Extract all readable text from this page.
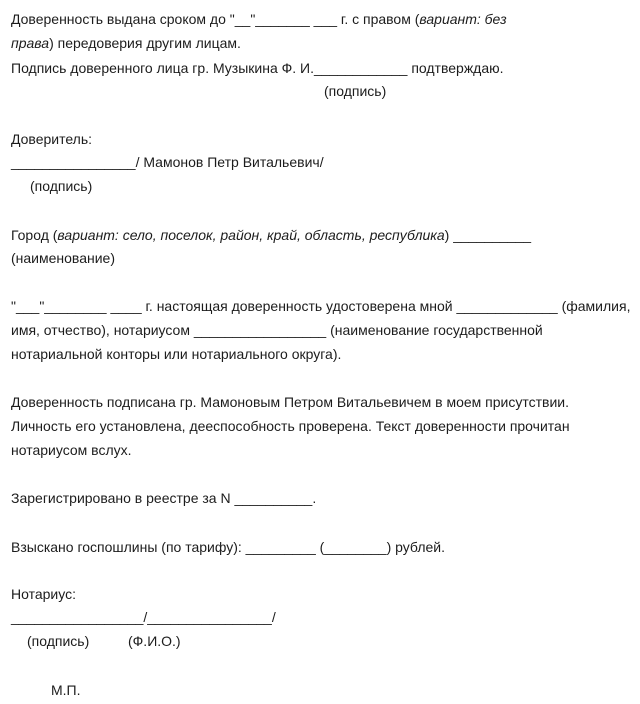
Доверенность выдана сроком до "__"_______ ___ г. с правом (вариант: без
права) передоверия другим лицам.
Подпись доверенного лица гр. Музыкина Ф. И.____________ подтверждаю.
(подпись)
Доверитель:
________________/ Мамонов Петр Витальевич/
(подпись)
Город (вариант: село, поселок, район, край, область, республика) __________
(наименование)
"___"________ ____ г. настоящая доверенность удостоверена мной _____________ (фамилия,
имя, отчество), нотариусом _________________ (наименование государственной
нотариальной конторы или нотариального округа).
Доверенность подписана гр. Мамоновым Петром Витальевичем в моем присутствии.
Личность его установлена, дееспособность проверена. Текст доверенности прочитан
нотариусом вслух.
Зарегистрировано в реестре за N __________.
Взыскано госпошлины (по тарифу): _________ (________) рублей.
Нотариус:
_________________/________________/
(подпись)	(Ф.И.О.)
М.П.
